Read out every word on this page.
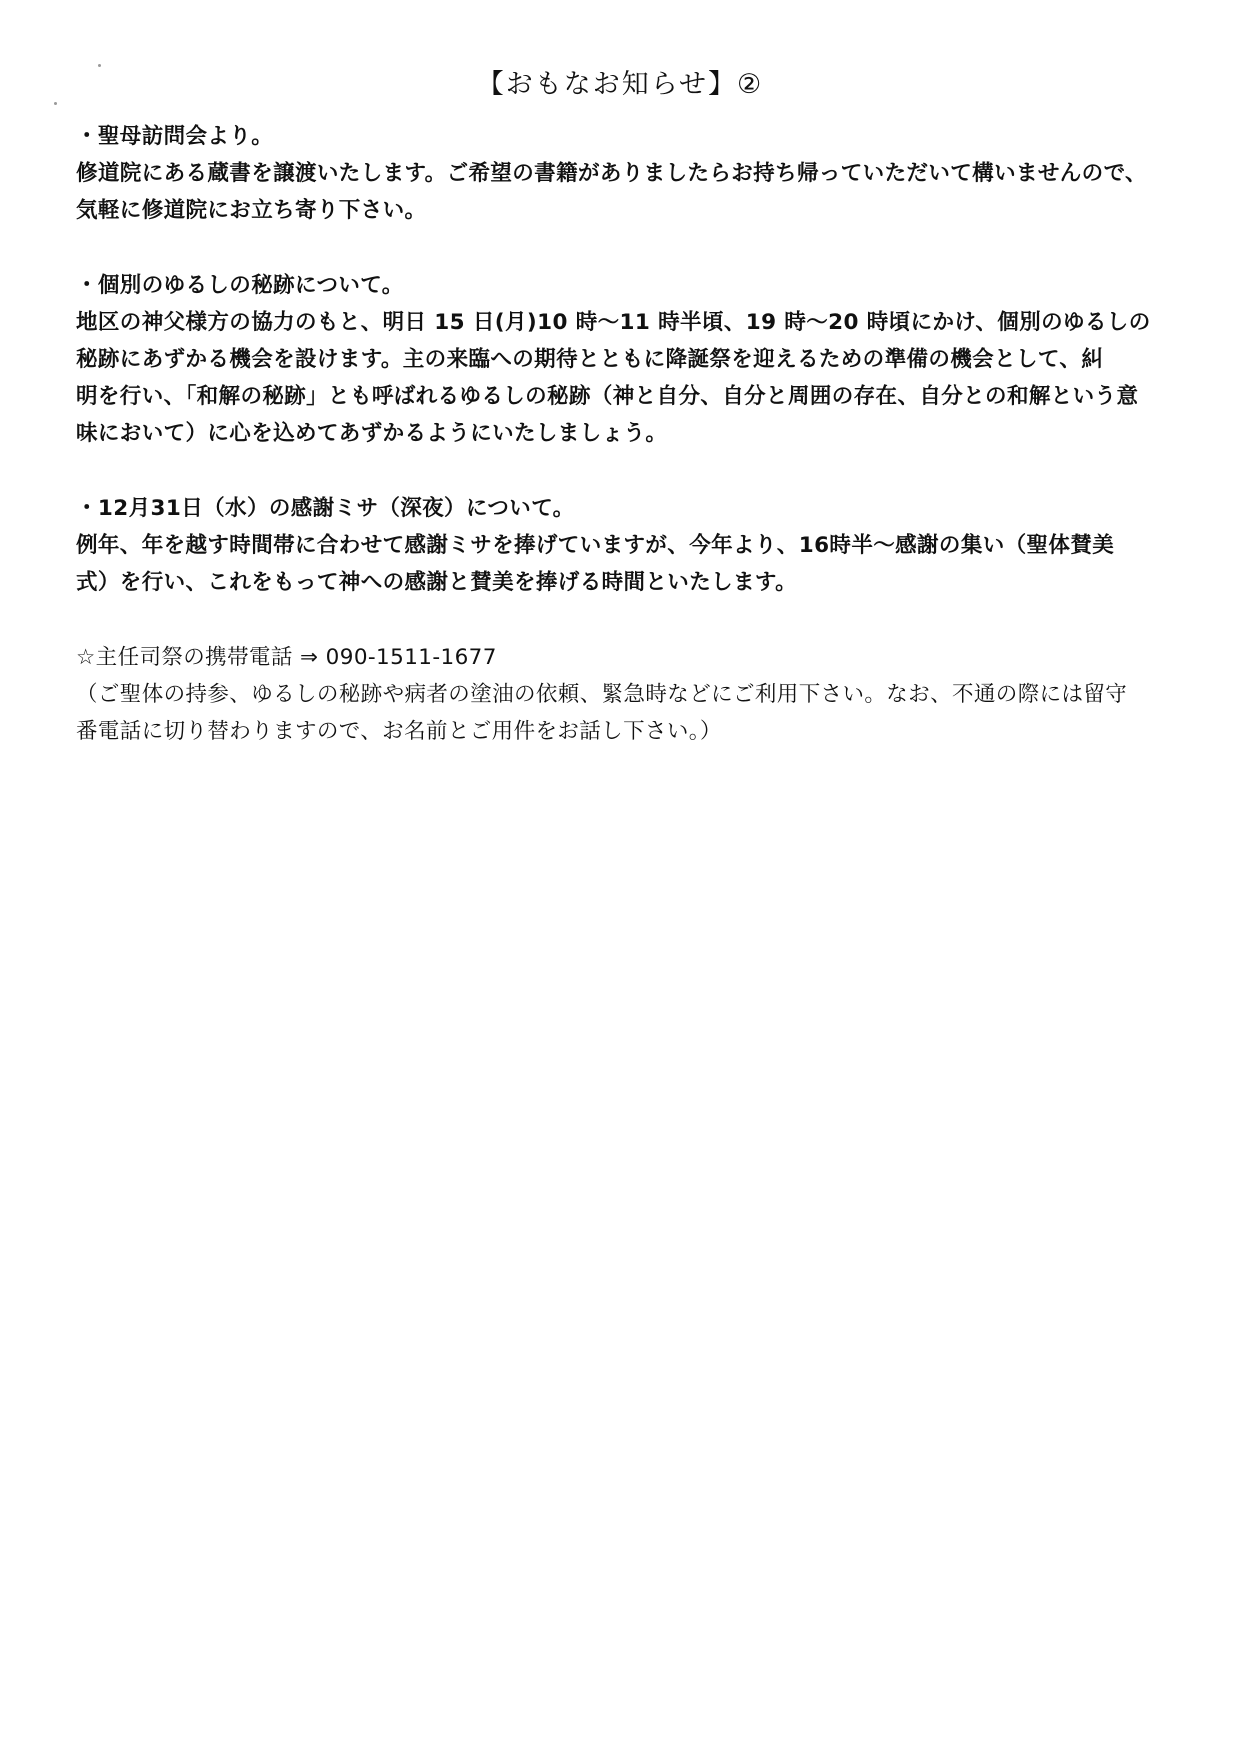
【おもなお知らせ】②
・聖母訪問会より。
修道院にある蔵書を譲渡いたします。ご希望の書籍がありましたらお持ち帰っていただいて構いませんので、
気軽に修道院にお立ち寄り下さい。
・個別のゆるしの秘跡について。
地区の神父様方の協力のもと、明日 15 日(月)10 時～11 時半頃、19 時～20 時頃にかけ、個別のゆるしの
秘跡にあずかる機会を設けます。主の来臨への期待とともに降誕祭を迎えるための準備の機会として、糾
明を行い、「和解の秘跡」とも呼ばれるゆるしの秘跡（神と自分、自分と周囲の存在、自分との和解という意
味において）に心を込めてあずかるようにいたしましょう。
・12月31日（水）の感謝ミサ（深夜）について。
例年、年を越す時間帯に合わせて感謝ミサを捧げていますが、今年より、16時半～感謝の集い（聖体賛美
式）を行い、これをもって神への感謝と賛美を捧げる時間といたします。
☆主任司祭の携帯電話 ⇒ 090-1511-1677
（ご聖体の持参、ゆるしの秘跡や病者の塗油の依頼、緊急時などにご利用下さい。なお、不通の際には留守
番電話に切り替わりますので、お名前とご用件をお話し下さい。）
